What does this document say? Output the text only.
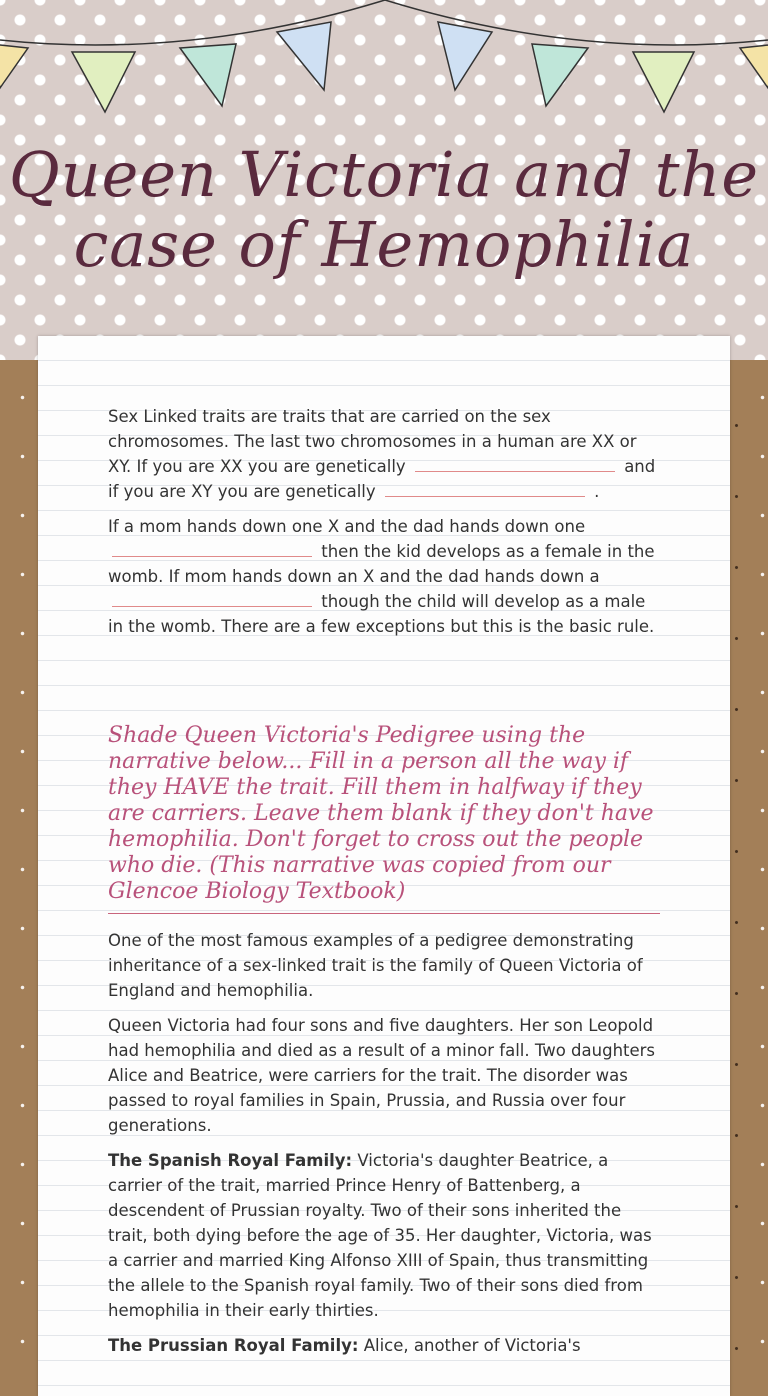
Queen Victoria and the case of Hemophilia

Sex Linked traits are traits that are carried on the sex chromosomes. The last two chromosomes in a human are XX or XY. If you are XX you are genetically	and if you are XY you are genetically	.

If a mom hands down one X and the dad hands down one  then the kid develops as a female in the womb. If mom hands down an X and the dad hands down a  though the child will develop as a male in the womb. There are a few exceptions but this is the basic rule.

Shade Queen Victoria's Pedigree using the narrative below... Fill in a person all the way if they HAVE the trait. Fill them in halfway if they are carriers. Leave them blank if they don't have hemophilia. Don't forget to cross out the people who die. (This narrative was copied from our Glencoe Biology Textbook)

One of the most famous examples of a pedigree demonstrating inheritance of a sex-linked trait is the family of Queen Victoria of England and hemophilia.

Queen Victoria had four sons and five daughters. Her son Leopold had hemophilia and died as a result of a minor fall. Two daughters Alice and Beatrice, were carriers for the trait. The disorder was passed to royal families in Spain, Prussia, and Russia over four generations.

The Spanish Royal Family: Victoria's daughter Beatrice, a carrier of the trait, married Prince Henry of Battenberg, a descendent of Prussian royalty. Two of their sons inherited the trait, both dying before the age of 35. Her daughter, Victoria, was a carrier and married King Alfonso XIII of Spain, thus transmitting the allele to the Spanish royal family. Two of their sons died from hemophilia in their early thirties.

The Prussian Royal Family: Alice, another of Victoria's
